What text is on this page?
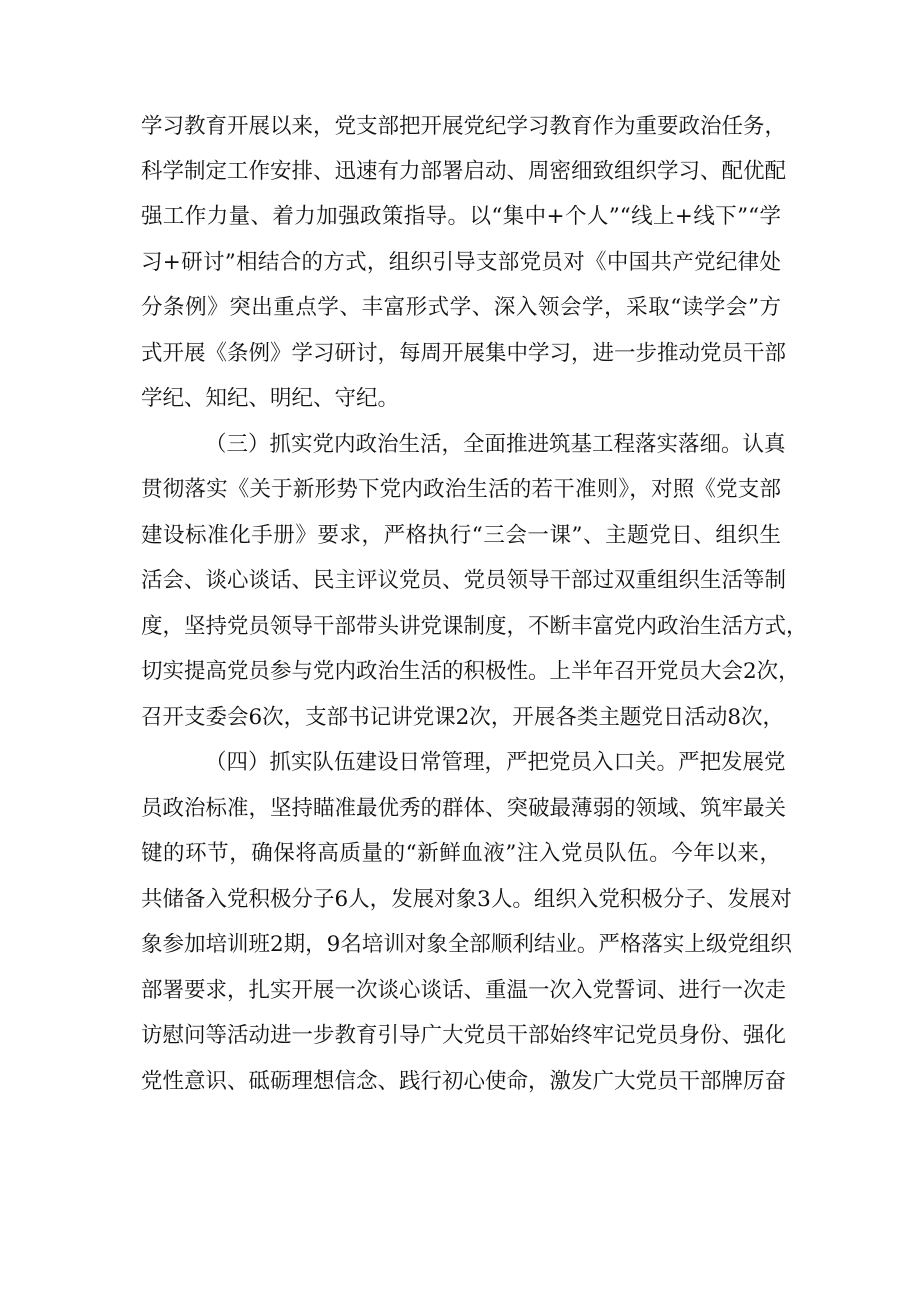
学习教育开展以来，党支部把开展党纪学习教育作为重要政治任务，
科学制定工作安排、迅速有力部署启动、周密细致组织学习、配优配
强工作力量、着力加强政策指导。以“集中+个人”“线上+线下”“学
习+研讨”相结合的方式，组织引导支部党员对《中国共产党纪律处
分条例》突出重点学、丰富形式学、深入领会学，采取“读学会”方
式开展《条例》学习研讨，每周开展集中学习，进一步推动党员干部
学纪、知纪、明纪、守纪。
（三）抓实党内政治生活，全面推进筑基工程落实落细。认真
贯彻落实《关于新形势下党内政治生活的若干准则》，对照《党支部
建设标准化手册》要求，严格执行“三会一课”、主题党日、组织生
活会、谈心谈话、民主评议党员、党员领导干部过双重组织生活等制
度，坚持党员领导干部带头讲党课制度，不断丰富党内政治生活方式，
切实提高党员参与党内政治生活的积极性。上半年召开党员大会2次，
召开支委会6次，支部书记讲党课2次，开展各类主题党日活动8次，
（四）抓实队伍建设日常管理，严把党员入口关。严把发展党
员政治标准，坚持瞄准最优秀的群体、突破最薄弱的领域、筑牢最关
键的环节，确保将高质量的“新鲜血液”注入党员队伍。今年以来，
共储备入党积极分子6人，发展对象3人。组织入党积极分子、发展对
象参加培训班2期，9名培训对象全部顺利结业。严格落实上级党组织
部署要求，扎实开展一次谈心谈话、重温一次入党誓词、进行一次走
访慰问等活动进一步教育引导广大党员干部始终牢记党员身份、强化
党性意识、砥砺理想信念、践行初心使命，激发广大党员干部牌厉奋
